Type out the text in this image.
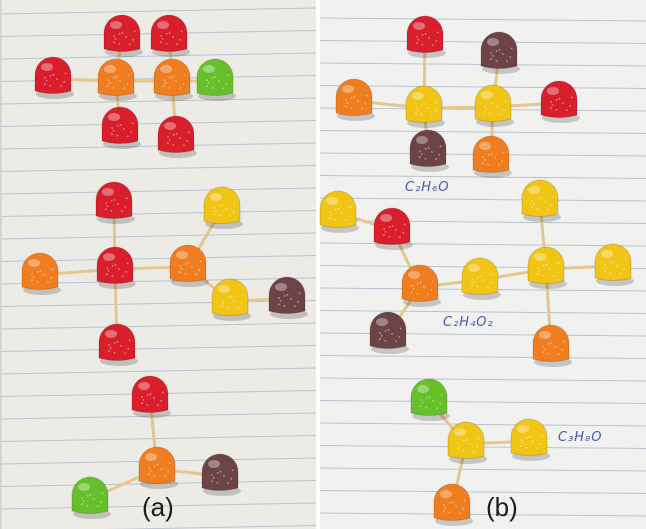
C₂H₆O
C₂H₄O₂
C₃H₈O
(a)	(b)
